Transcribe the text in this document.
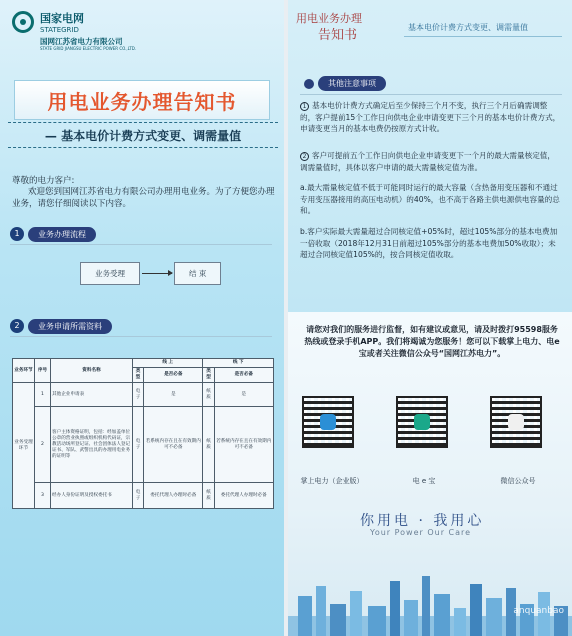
国家电网
STATEGRID
国网江苏省电力有限公司
STATE GRID JIANGSU ELECTRIC POWER CO.,LTD.
用电业务办理告知书
— 基本电价计费方式变更、调需量值
尊敬的电力客户:
欢迎您到国网江苏省电力有限公司办理用电业务。为了方便您办理业务，请您仔细阅读以下内容。
1	业务办理流程
业务受理	结 束
2	业务申请所需资料
业务环节	序号	资料名称	线 上		线 下	
			类型	是否必备	类型	是否必备
业务受理环节	1	其他企业申请表	电子	是	纸质	是
	2	客户主体资格证明，包括：经加盖单位公章的营业执照或组织机构代码证，宗教活动场所登记证、社会团体法人登记证书、军队、武警出具的办理用电业务的证明等	电子	若系统内存在且在有效期内可不必备	纸质	若系统内存在且在有效期内可不必备
	3	经办人身份证明及授权委托书	电子	委托代理人办理时必备	纸质	委托代理人办理时必备
用电业务办理
告知书
基本电价计费方式变更、调需量值
其他注意事项
1 基本电价计费方式确定后至少保持三个月不变，执行三个月后确需调整的，客户提前15个工作日向供电企业申请变更下三个月的基本电价计费方式，申请变更当月的基本电费仍按原方式计收。
2 客户可提前五个工作日向供电企业申请变更下一个月的最大需量核定值，调需量值时，具体以客户申请的最大需量核定值为准。
a.最大需量核定值不低于可能同时运行的最大容量（含热备用变压器和不通过专用变压器接用的高压电动机）的40%，也不高于各路主供电源供电容量的总和。
b.客户实际最大需量超过合同核定值+05%时，超过105%部分的基本电费加一倍收取（2018年12月31日前超过105%部分的基本电费加50%收取）；未超过合同核定值105%的，按合同核定值收取。
请您对我们的服务进行监督，如有建议或意见，请及时拨打95598服务热线或登录手机APP。我们将竭诚为您服务！您可以下载掌上电力、电e宝或者关注微信公众号“国网江苏电力”。
掌上电力（企业版）	电 e 宝	微信公众号
你用电 · 我用心
Your Power Our Care
anquanbao
